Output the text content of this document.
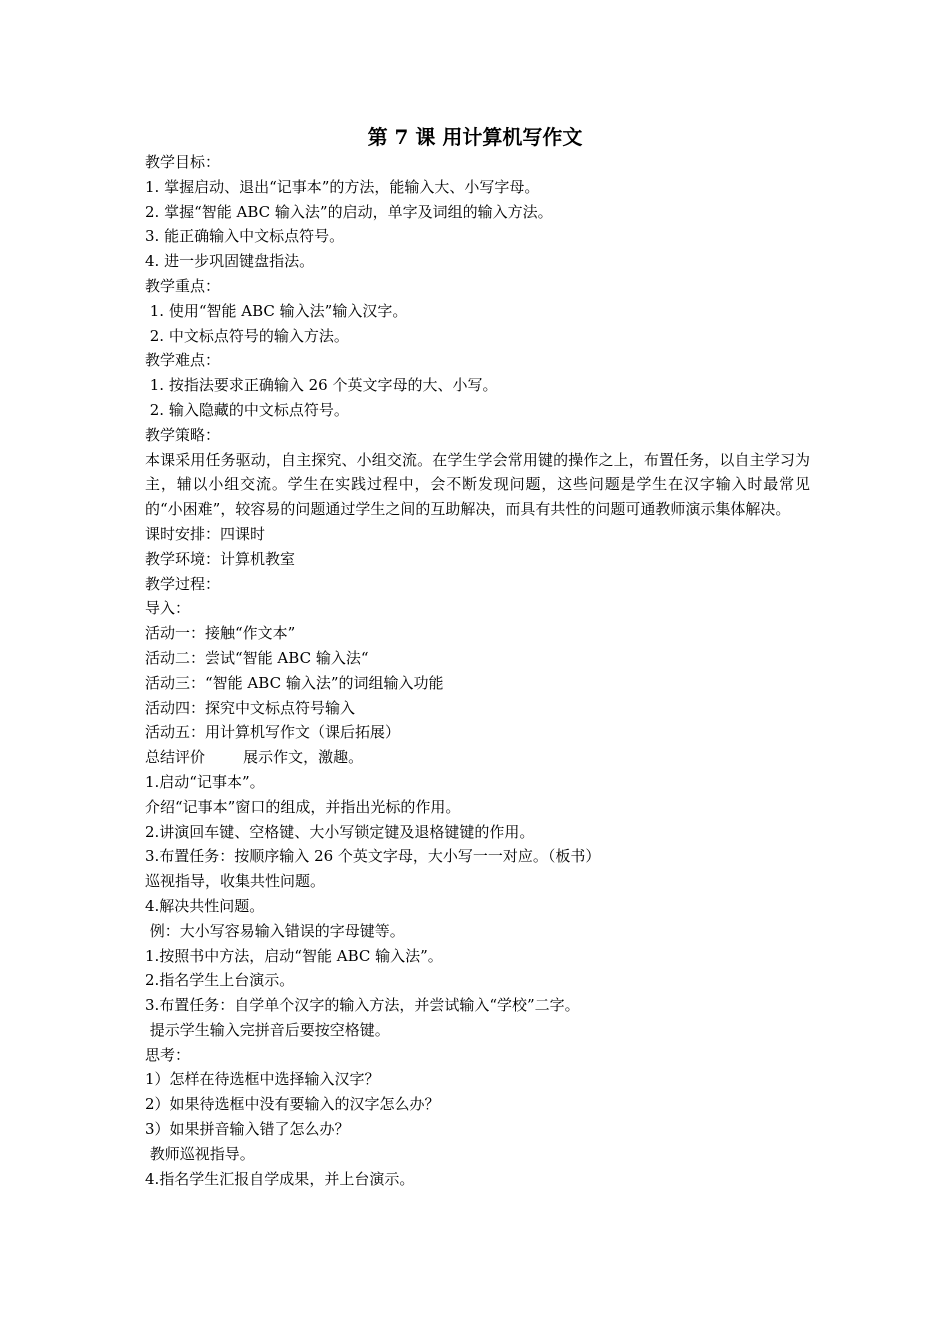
第 7 课 用计算机写作文
教学目标：
1. 掌握启动、退出“记事本”的方法，能输入大、小写字母。
2. 掌握“智能 ABC 输入法”的启动，单字及词组的输入方法。
3. 能正确输入中文标点符号。
4. 进一步巩固键盘指法。
教学重点：
1. 使用“智能 ABC 输入法”输入汉字。
2. 中文标点符号的输入方法。
教学难点：
1. 按指法要求正确输入 26 个英文字母的大、小写。
2. 输入隐藏的中文标点符号。
教学策略：
本课采用任务驱动，自主探究、小组交流。在学生学会常用键的操作之上，布置任务，以自主学习为主，辅以小组交流。学生在实践过程中，会不断发现问题，这些问题是学生在汉字输入时最常见的“小困难”，较容易的问题通过学生之间的互助解决，而具有共性的问题可通教师演示集体解决。
课时安排：四课时
教学环境：计算机教室
教学过程：
导入：
活动一：接触“作文本”
活动二：尝试“智能 ABC 输入法“
活动三：“智能 ABC 输入法”的词组输入功能
活动四：探究中文标点符号输入
活动五：用计算机写作文（课后拓展）
总结评价        展示作文，激趣。
1.启动“记事本”。
介绍“记事本”窗口的组成，并指出光标的作用。
2.讲演回车键、空格键、大小写锁定键及退格键键的作用。
3.布置任务：按顺序输入 26 个英文字母，大小写一一对应。（板书）
巡视指导，收集共性问题。
4.解决共性问题。
例：大小写容易输入错误的字母键等。
1.按照书中方法，启动“智能 ABC 输入法”。
2.指名学生上台演示。
3.布置任务：自学单个汉字的输入方法，并尝试输入“学校”二字。
提示学生输入完拼音后要按空格键。
思考：
1）怎样在待选框中选择输入汉字？
2）如果待选框中没有要输入的汉字怎么办？
3）如果拼音输入错了怎么办？
教师巡视指导。
4.指名学生汇报自学成果，并上台演示。
